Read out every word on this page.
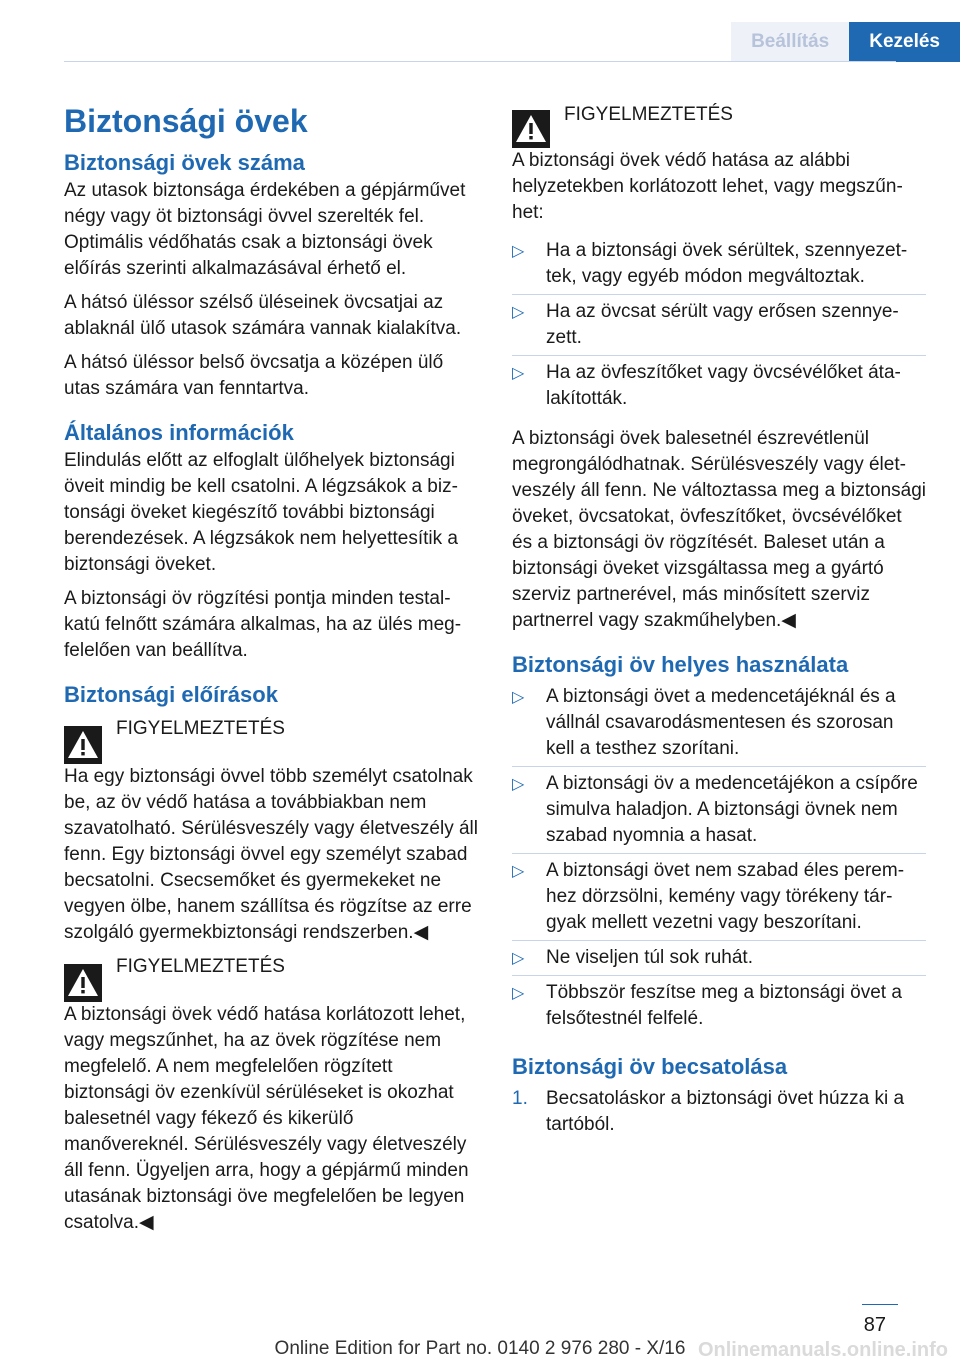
Beállítás	Kezelés
Biztonsági övek
Biztonsági övek száma

Az utasok biztonsága érdekében a gépjárművet négy vagy öt biztonsági övvel szerelték fel. Optimális védőhatás csak a biztonsági övek előírás szerinti alkalmazásával érhető el.

A hátsó üléssor szélső üléseinek övcsatjai az ablaknál ülő utasok számára vannak kialakítva.

A hátsó üléssor belső övcsatja a középen ülő utas számára van fenntartva.

Általános információk

Elindulás előtt az elfoglalt ülőhelyek biztonsági öveit mindig be kell csatolni. A légzsákok a biztonsági öveket kiegészítő további biztonsági berendezések. A légzsákok nem helyettesítik a biztonsági öveket.

A biztonsági öv rögzítési pontja minden testalkatú felnőtt számára alkalmas, ha az ülés megfelelően van beállítva.

Biztonsági előírások
FIGYELMEZTETÉS

Ha egy biztonsági övvel több személyt csatolnak be, az öv védő hatása a továbbiakban nem szavatolható. Sérülésveszély vagy életveszély áll fenn. Egy biztonsági övvel egy személyt szabad becsatolni. Csecsemőket és gyermekeket ne vegyen ölbe, hanem szállítsa és rögzítse az erre szolgáló gyermekbiztonsági rendszerben.◀

FIGYELMEZTETÉS

A biztonsági övek védő hatása korlátozott lehet, vagy megszűnhet, ha az övek rögzítése nem megfelelő. A nem megfelelően rögzített biztonsági öv ezenkívül sérüléseket is okozhat balesetnél vagy fékező és kikerülő manővereknél. Sérülésveszély vagy életveszély áll fenn. Ügyeljen arra, hogy a gépjármű minden utasának biztonsági öve megfelelően be legyen csatolva.◀

FIGYELMEZTETÉS

A biztonsági övek védő hatása az alábbi helyzetekben korlátozott lehet, vagy megszűnhet:

▷ Ha a biztonsági övek sérültek, szennyezettek, vagy egyéb módon megváltoztak.
▷ Ha az övcsat sérült vagy erősen szennyezett.
▷ Ha az övfeszítőket vagy övcsévélőket átalakították.

A biztonsági övek balesetnél észrevétlenül megrongálódhatnak. Sérülésveszély vagy életveszély áll fenn. Ne változtassa meg a biztonsági öveket, övcsatokat, övfeszítőket, övcsévélőket és a biztonsági öv rögzítését. Baleset után a biztonsági öveket vizsgáltassa meg a gyártó szerviz partnerével, más minősített szerviz partnerrel vagy szakműhelyben.◀

Biztonsági öv helyes használata
▷ A biztonsági övet a medencetájéknál és a vállnál csavarodásmentesen és szorosan kell a testhez szorítani.
▷ A biztonsági öv a medencetájékon a csípőre simulva haladjon. A biztonsági övnek nem szabad nyomnia a hasat.
▷ A biztonsági övet nem szabad éles peremhez dörzsölni, kemény vagy törékeny tárgyak mellett vezetni vagy beszorítani.
▷ Ne viseljen túl sok ruhát.
▷ Többször feszítse meg a biztonsági övet a felsőtestnél felfelé.
Biztonsági öv becsatolása
1. Becsatoláskor a biztonsági övet húzza ki a tartóból.
87
Online Edition for Part no. 0140 2 976 280 - X/16 Onlinemanuals.online.info
